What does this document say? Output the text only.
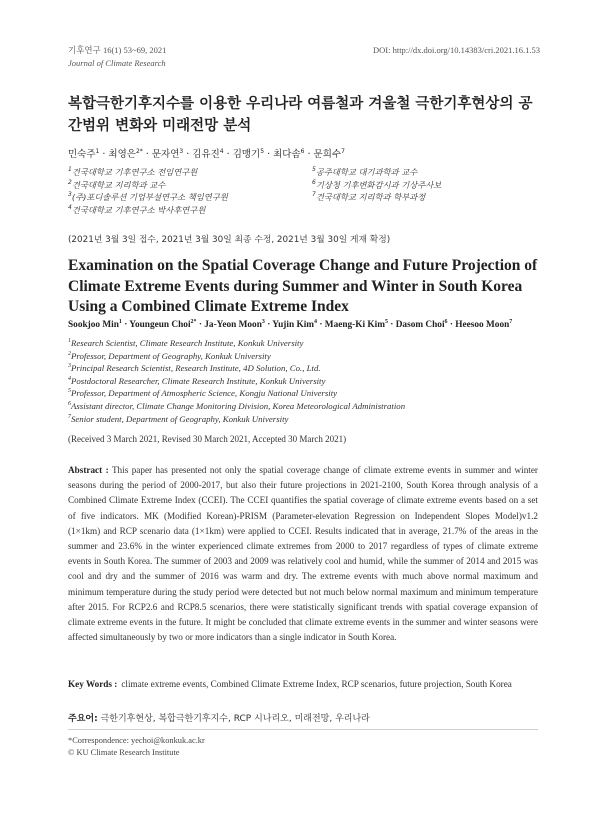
기후연구 16(1) 53~69, 2021
Journal of Climate Research
DOI: http://dx.doi.org/10.14383/cri.2021.16.1.53
복합극한기후지수를 이용한 우리나라 여름철과 겨울철 극한기후현상의 공간범위 변화와 미래전망 분석
민숙주$^1$ · 최영은$^{2*}$ · 문자연$^3$ · 김유진$^4$ · 김맹기$^5$ · 최다솜$^6$ · 문희수$^7$
$^1$건국대학교 기후연구소 전임연구원
$^2$건국대학교 지리학과 교수
$^3$(주)포디솔루션 기업부설연구소 책임연구원
$^4$건국대학교 기후연구소 박사후연구원
$^5$공주대학교 대기과학과 교수
$^6$기상청 기후변화감시과 기상주사보
$^7$건국대학교 지리학과 학부과정
(2021년 3월 3일 접수, 2021년 3월 30일 최종 수정, 2021년 3월 30일 게재 확정)
Examination on the Spatial Coverage Change and Future Projection of Climate Extreme Events during Summer and Winter in South Korea Using a Combined Climate Extreme Index
Sookjoo Min$^1$ · Youngeun Choi$^{2*}$ · Ja-Yeon Moon$^3$ · Yujin Kim$^4$ · Maeng-Ki Kim$^5$ · Dasom Choi$^6$ · Heesoo Moon$^7$
$^1$Research Scientist, Climate Research Institute, Konkuk University
$^2$Professor, Department of Geography, Konkuk University
$^3$Principal Research Scientist, Research Institute, 4D Solution, Co., Ltd.
$^4$Postdoctoral Researcher, Climate Research Institute, Konkuk University
$^5$Professor, Department of Atmospheric Science, Kongju National University
$^6$Assistant director, Climate Change Monitoring Division, Korea Meteorological Administration
$^7$Senior student, Department of Geography, Konkuk University
(Received 3 March 2021, Revised 30 March 2021, Accepted 30 March 2021)
Abstract : This paper has presented not only the spatial coverage change of climate extreme events in summer and winter seasons during the period of 2000-2017, but also their future projections in 2021-2100, South Korea through analysis of a Combined Climate Extreme Index (CCEI). The CCEI quantifies the spatial coverage of climate extreme events based on a set of five indicators. MK (Modified Korean)-PRISM (Parameter-elevation Regression on Independent Slopes Model)v1.2 (1×1km) and RCP scenario data (1×1km) were applied to CCEI. Results indicated that in average, 21.7% of the areas in the summer and 23.6% in the winter experienced climate extremes from 2000 to 2017 regardless of types of climate extreme events in South Korea. The summer of 2003 and 2009 was relatively cool and humid, while the summer of 2014 and 2015 was cool and dry and the summer of 2016 was warm and dry. The extreme events with much above normal maximum and minimum temperature during the study period were detected but not much below normal maximum and minimum temperature after 2015. For RCP2.6 and RCP8.5 scenarios, there were statistically significant trends with spatial coverage expansion of climate extreme events in the future. It might be concluded that climate extreme events in the summer and winter seasons were affected simultaneously by two or more indicators than a single indicator in South Korea.
Key Words : climate extreme events, Combined Climate Extreme Index, RCP scenarios, future projection, South Korea
주요어: 극한기후현상, 복합극한기후지수, RCP 시나리오, 미래전망, 우리나라
*Correspondence: yechoi@konkuk.ac.kr
© KU Climate Research Institute
